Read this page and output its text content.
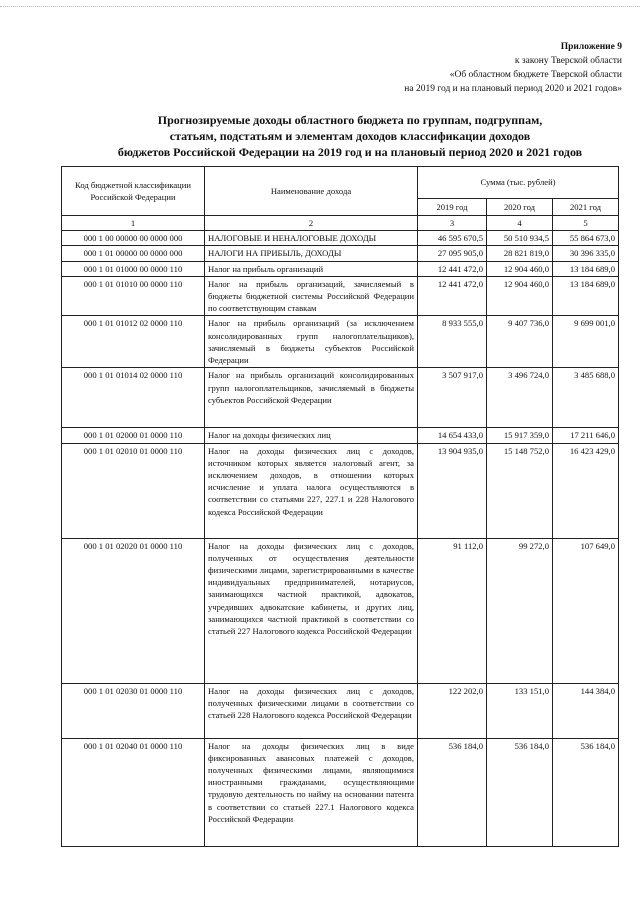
Приложение 9
к закону Тверской области
«Об областном бюджете Тверской области
на 2019 год и на плановый период 2020 и 2021 годов»
Прогнозируемые доходы областного бюджета по группам, подгруппам,
статьям, подстатьям и элементам доходов классификации доходов
бюджетов Российской Федерации на 2019 год и на плановый период 2020 и 2021 годов
Код бюджетной классификации Российской Федерации	Наименование дохода	Сумма (тыс. рублей)		
		2019 год	2020 год	2021 год
1	2	3	4	5
000 1 00 00000 00 0000 000	НАЛОГОВЫЕ И НЕНАЛОГОВЫЕ ДОХОДЫ	46 595 670,5	50 510 934,5	55 864 673,0
000 1 01 00000 00 0000 000	НАЛОГИ НА ПРИБЫЛЬ, ДОХОДЫ	27 095 905,0	28 821 819,0	30 396 335,0
000 1 01 01000 00 0000 110	Налог на прибыль организаций	12 441 472,0	12 904 460,0	13 184 689,0
000 1 01 01010 00 0000 110	Налог на прибыль организаций, зачисляемый в бюджеты бюджетной системы Российской Федерации по соответствующим ставкам	12 441 472,0	12 904 460,0	13 184 689,0
000 1 01 01012 02 0000 110	Налог на прибыль организаций (за исключением консолидированных групп налогоплательщиков), зачисляемый в бюджеты субъектов Российской Федерации	8 933 555,0	9 407 736,0	9 699 001,0
000 1 01 01014 02 0000 110	Налог на прибыль организаций консолидированных групп налогоплательщиков, зачисляемый в бюджеты субъектов Российской Федерации	3 507 917,0	3 496 724,0	3 485 688,0
000 1 01 02000 01 0000 110	Налог на доходы физических лиц	14 654 433,0	15 917 359,0	17 211 646,0
000 1 01 02010 01 0000 110	Налог на доходы физических лиц с доходов, источником которых является налоговый агент, за исключением доходов, в отношении которых исчисление и уплата налога осуществляются в соответствии со статьями 227, 227.1 и 228 Налогового кодекса Российской Федерации	13 904 935,0	15 148 752,0	16 423 429,0
000 1 01 02020 01 0000 110	Налог на доходы физических лиц с доходов, полученных от осуществления деятельности физическими лицами, зарегистрированными в качестве индивидуальных предпринимателей, нотариусов, занимающихся частной практикой, адвокатов, учредивших адвокатские кабинеты, и других лиц, занимающихся частной практикой в соответствии со статьей 227 Налогового кодекса Российской Федерации	91 112,0	99 272,0	107 649,0
000 1 01 02030 01 0000 110	Налог на доходы физических лиц с доходов, полученных физическими лицами в соответствии со статьей 228 Налогового кодекса Российской Федерации	122 202,0	133 151,0	144 384,0
000 1 01 02040 01 0000 110	Налог на доходы физических лиц в виде фиксированных авансовых платежей с доходов, полученных физическими лицами, являющимися иностранными гражданами, осуществляющими трудовую деятельность по найму на основании патента в соответствии со статьей 227.1 Налогового кодекса Российской Федерации	536 184,0	536 184,0	536 184,0
